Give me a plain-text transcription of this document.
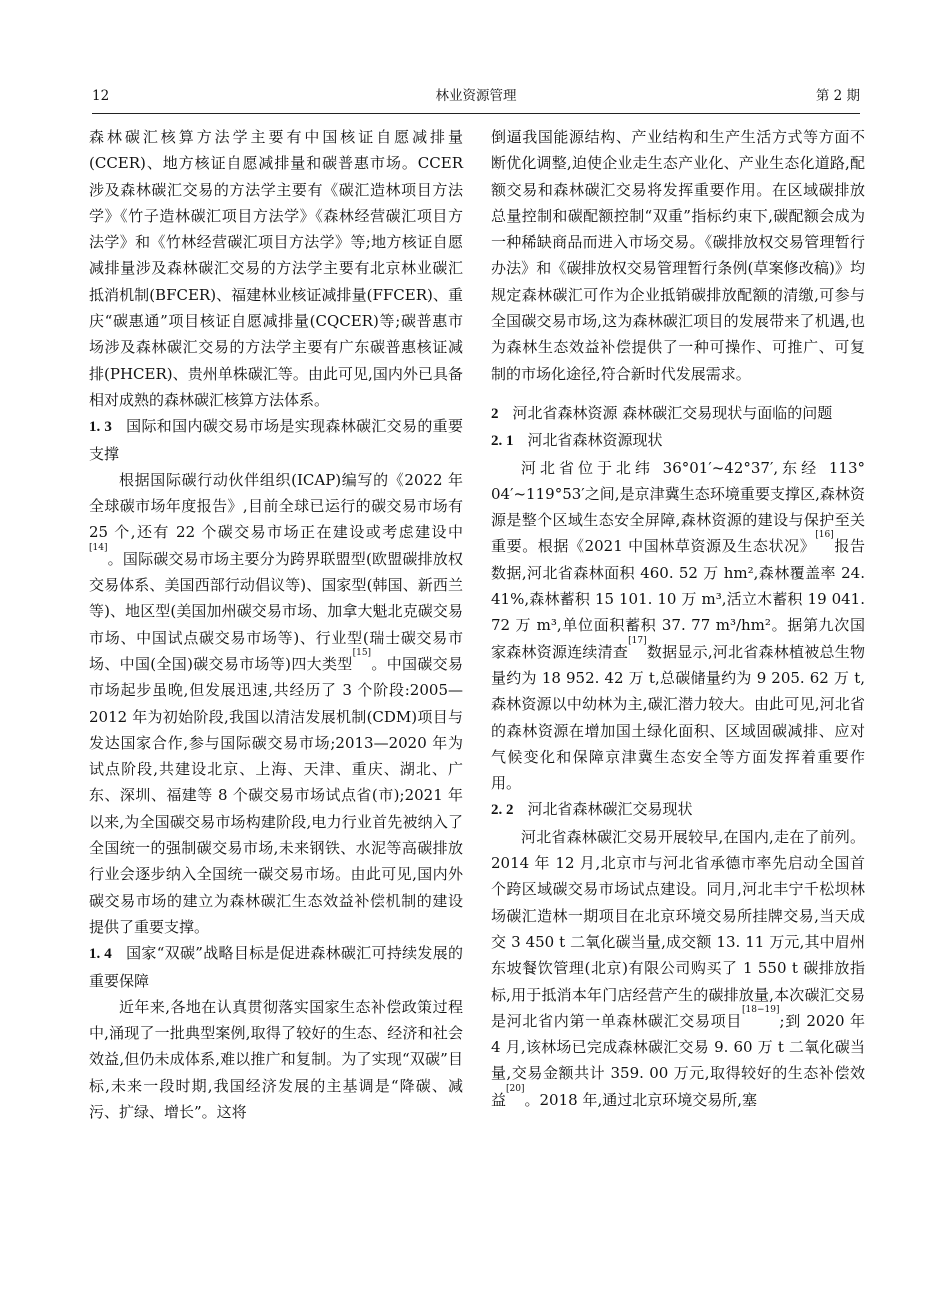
12	林业资源管理	第 2 期

森林碳汇核算方法学主要有中国核证自愿减排量(CCER)、地方核证自愿减排量和碳普惠市场。CCER 涉及森林碳汇交易的方法学主要有《碳汇造林项目方法学》《竹子造林碳汇项目方法学》《森林经营碳汇项目方法学》和《竹林经营碳汇项目方法学》等;地方核证自愿减排量涉及森林碳汇交易的方法学主要有北京林业碳汇抵消机制(BFCER)、福建林业核证减排量(FFCER)、重庆“碳惠通”项目核证自愿减排量(CQCER)等;碳普惠市场涉及森林碳汇交易的方法学主要有广东碳普惠核证减排(PHCER)、贵州单株碳汇等。由此可见,国内外已具备相对成熟的森林碳汇核算方法体系。

1. 3 国际和国内碳交易市场是实现森林碳汇交易的重要支撑

根据国际碳行动伙伴组织(ICAP)编写的《2022 年全球碳市场年度报告》,目前全球已运行的碳交易市场有 25 个,还有 22 个碳交易市场正在建设或考虑建设中[14]。国际碳交易市场主要分为跨界联盟型(欧盟碳排放权交易体系、美国西部行动倡议等)、国家型(韩国、新西兰等)、地区型(美国加州碳交易市场、加拿大魁北克碳交易市场、中国试点碳交易市场等)、行业型(瑞士碳交易市场、中国(全国)碳交易市场等)四大类型[15]。中国碳交易市场起步虽晚,但发展迅速,共经历了 3 个阶段:2005—2012 年为初始阶段,我国以清洁发展机制(CDM)项目与发达国家合作,参与国际碳交易市场;2013—2020 年为试点阶段,共建设北京、上海、天津、重庆、湖北、广东、深圳、福建等 8 个碳交易市场试点省(市);2021 年以来,为全国碳交易市场构建阶段,电力行业首先被纳入了全国统一的强制碳交易市场,未来钢铁、水泥等高碳排放行业会逐步纳入全国统一碳交易市场。由此可见,国内外碳交易市场的建立为森林碳汇生态效益补偿机制的建设提供了重要支撑。

1. 4 国家“双碳”战略目标是促进森林碳汇可持续发展的重要保障

近年来,各地在认真贯彻落实国家生态补偿政策过程中,涌现了一批典型案例,取得了较好的生态、经济和社会效益,但仍未成体系,难以推广和复制。为了实现“双碳”目标,未来一段时期,我国经济发展的主基调是“降碳、减污、扩绿、增长”。这将

倒逼我国能源结构、产业结构和生产生活方式等方面不断优化调整,迫使企业走生态产业化、产业生态化道路,配额交易和森林碳汇交易将发挥重要作用。在区域碳排放总量控制和碳配额控制“双重”指标约束下,碳配额会成为一种稀缺商品而进入市场交易。《碳排放权交易管理暂行办法》和《碳排放权交易管理暂行条例(草案修改稿)》均规定森林碳汇可作为企业抵销碳排放配额的清缴,可参与全国碳交易市场,这为森林碳汇项目的发展带来了机遇,也为森林生态效益补偿提供了一种可操作、可推广、可复制的市场化途径,符合新时代发展需求。

2 河北省森林资源 森林碳汇交易现状与面临的问题

2. 1 河北省森林资源现状

河北省位于北纬 36°01′~42°37′,东经 113° 04′~119°53′之间,是京津冀生态环境重要支撑区,森林资源是整个区域生态安全屏障,森林资源的建设与保护至关重要。根据《2021 中国林草资源及生态状况》[16]报告数据,河北省森林面积 460. 52 万 hm²,森林覆盖率 24. 41%,森林蓄积 15 101. 10 万 m³,活立木蓄积 19 041. 72 万 m³,单位面积蓄积 37. 77 m³/hm²。据第九次国家森林资源连续清查[17]数据显示,河北省森林植被总生物量约为 18 952. 42 万 t,总碳储量约为 9 205. 62 万 t,森林资源以中幼林为主,碳汇潜力较大。由此可见,河北省的森林资源在增加国土绿化面积、区域固碳减排、应对气候变化和保障京津冀生态安全等方面发挥着重要作用。

2. 2 河北省森林碳汇交易现状

河北省森林碳汇交易开展较早,在国内,走在了前列。2014 年 12 月,北京市与河北省承德市率先启动全国首个跨区域碳交易市场试点建设。同月,河北丰宁千松坝林场碳汇造林一期项目在北京环境交易所挂牌交易,当天成交 3 450 t 二氧化碳当量,成交额 13. 11 万元,其中眉州东坡餐饮管理(北京)有限公司购买了 1 550 t 碳排放指标,用于抵消本年门店经营产生的碳排放量,本次碳汇交易是河北省内第一单森林碳汇交易项目[18−19];到 2020 年 4 月,该林场已完成森林碳汇交易 9. 60 万 t 二氧化碳当量,交易金额共计 359. 00 万元,取得较好的生态补偿效益[20]。2018 年,通过北京环境交易所,塞
